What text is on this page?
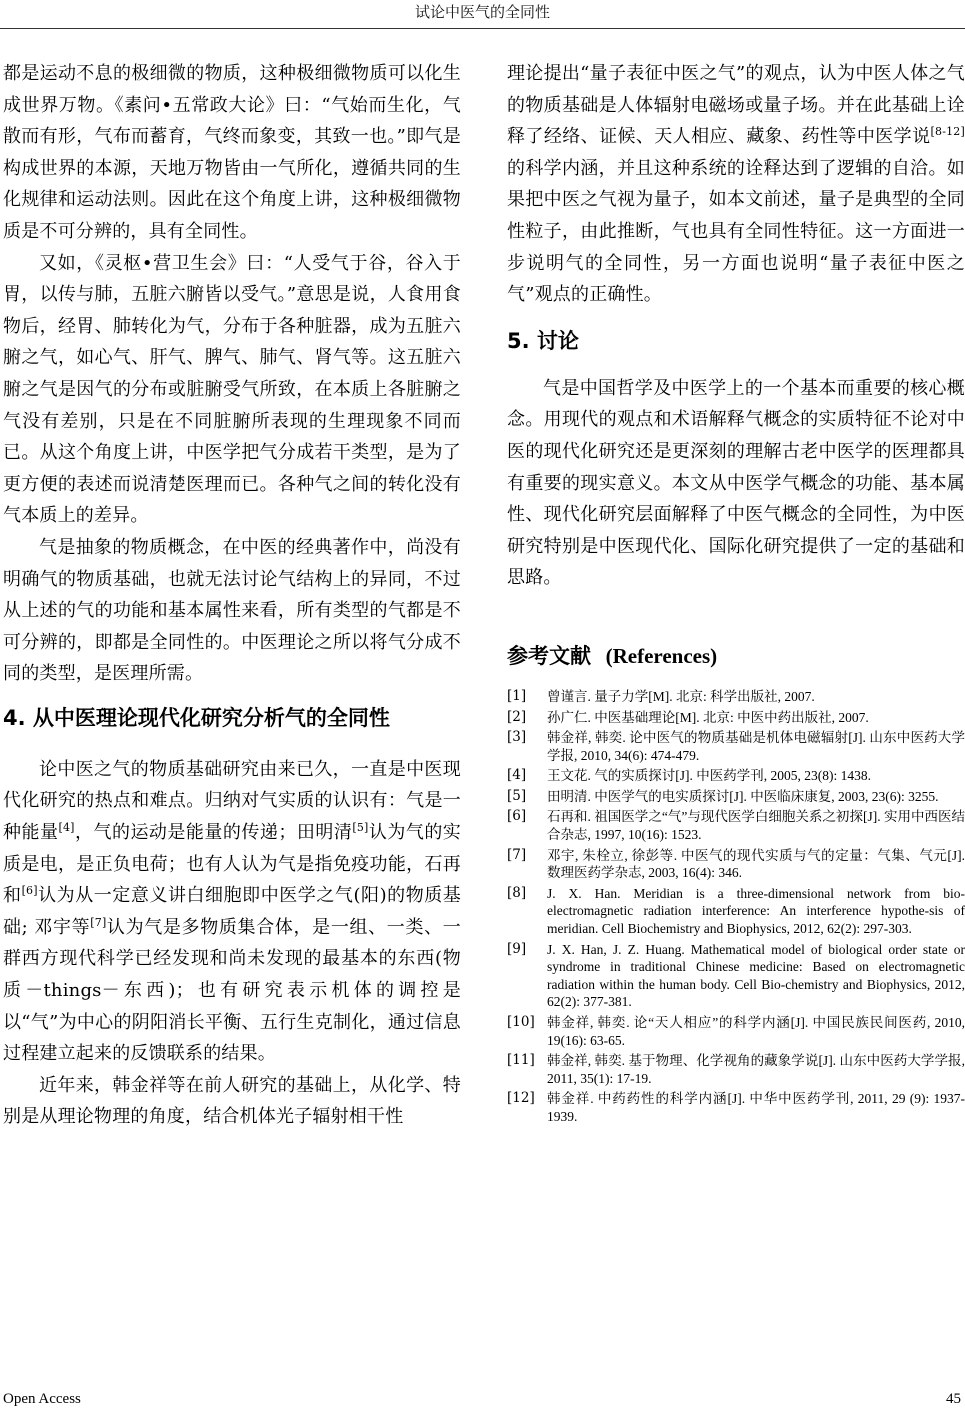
试论中医气的全同性

都是运动不息的极细微的物质，这种极细微物质可以化生成世界万物。《素问•五常政大论》曰：“气始而生化，气散而有形，气布而蓄育，气终而象变，其致一也。”即气是构成世界的本源，天地万物皆由一气所化，遵循共同的生化规律和运动法则。因此在这个角度上讲，这种极细微物质是不可分辨的，具有全同性。

又如，《灵枢•营卫生会》曰：“人受气于谷，谷入于胃，以传与肺，五脏六腑皆以受气。”意思是说，人食用食物后，经胃、肺转化为气，分布于各种脏器，成为五脏六腑之气，如心气、肝气、脾气、肺气、肾气等。这五脏六腑之气是因气的分布或脏腑受气所致，在本质上各脏腑之气没有差别，只是在不同脏腑所表现的生理现象不同而已。从这个角度上讲，中医学把气分成若干类型，是为了更方便的表述而说清楚医理而已。各种气之间的转化没有气本质上的差异。

气是抽象的物质概念，在中医的经典著作中，尚没有明确气的物质基础，也就无法讨论气结构上的异同，不过从上述的气的功能和基本属性来看，所有类型的气都是不可分辨的，即都是全同性的。中医理论之所以将气分成不同的类型，是医理所需。

4. 从中医理论现代化研究分析气的全同性

论中医之气的物质基础研究由来已久，一直是中医现代化研究的热点和难点。归纳对气实质的认识有：气是一种能量[4]，气的运动是能量的传递；田明清[5]认为气的实质是电，是正负电荷；也有人认为气是指免疫功能，石再和[6]认为从一定意义讲白细胞即中医学之气(阳)的物质基础; 邓宇等[7]认为气是多物质集合体，是一组、一类、一群西方现代科学已经发现和尚未发现的最基本的东西(物质－things－东西)；也有研究表示机体的调控是以“气”为中心的阴阳消长平衡、五行生克制化，通过信息过程建立起来的反馈联系的结果。

近年来，韩金祥等在前人研究的基础上，从化学、特别是从理论物理的角度，结合机体光子辐射相干性

理论提出“量子表征中医之气”的观点，认为中医人体之气的物质基础是人体辐射电磁场或量子场。并在此基础上诠释了经络、证候、天人相应、藏象、药性等中医学说[8-12]的科学内涵，并且这种系统的诠释达到了逻辑的自洽。如果把中医之气视为量子，如本文前述，量子是典型的全同性粒子，由此推断，气也具有全同性特征。这一方面进一步说明气的全同性，另一方面也说明“量子表征中医之气”观点的正确性。

5. 讨论

气是中国哲学及中医学上的一个基本而重要的核心概念。用现代的观点和术语解释气概念的实质特征不论对中医的现代化研究还是更深刻的理解古老中医学的医理都具有重要的现实意义。本文从中医学气概念的功能、基本属性、现代化研究层面解释了中医气概念的全同性，为中医研究特别是中医现代化、国际化研究提供了一定的基础和思路。

参考文献 (References)
[1]	曾谨言. 量子力学[M]. 北京: 科学出版社, 2007.
[2]	孙广仁. 中医基础理论[M]. 北京: 中医中药出版社, 2007.
[3]	韩金祥, 韩奕. 论中医气的物质基础是机体电磁辐射[J]. 山东中医药大学学报, 2010, 34(6): 474-479.
[4]	王文花. 气的实质探讨[J]. 中医药学刊, 2005, 23(8): 1438.
[5]	田明清. 中医学气的电实质探讨[J]. 中医临床康复, 2003, 23(6): 3255.
[6]	石再和. 祖国医学之“气”与现代医学白细胞关系之初探[J]. 实用中西医结合杂志, 1997, 10(16): 1523.
[7]	邓宇, 朱栓立, 徐彭等. 中医气的现代实质与气的定量：气集、气元[J]. 数理医药学杂志, 2003, 16(4): 346.
[8]	J. X. Han. Meridian is a three-dimensional network from bio-electromagnetic radiation interference: An interference hypothe-sis of meridian. Cell Biochemistry and Biophysics, 2012, 62(2): 297-303.
[9]	J. X. Han, J. Z. Huang. Mathematical model of biological order state or syndrome in traditional Chinese medicine: Based on electromagnetic radiation within the human body. Cell Bio-chemistry and Biophysics, 2012, 62(2): 377-381.
[10] 韩金祥, 韩奕. 论“天人相应”的科学内涵[J]. 中国民族民间医药, 2010, 19(16): 63-65.
[11] 韩金祥, 韩奕. 基于物理、化学视角的藏象学说[J]. 山东中医药大学学报, 2011, 35(1): 17-19.
[12] 韩金祥. 中药药性的科学内涵[J]. 中华中医药学刊, 2011, 29 (9): 1937-1939.
Open Access	45
